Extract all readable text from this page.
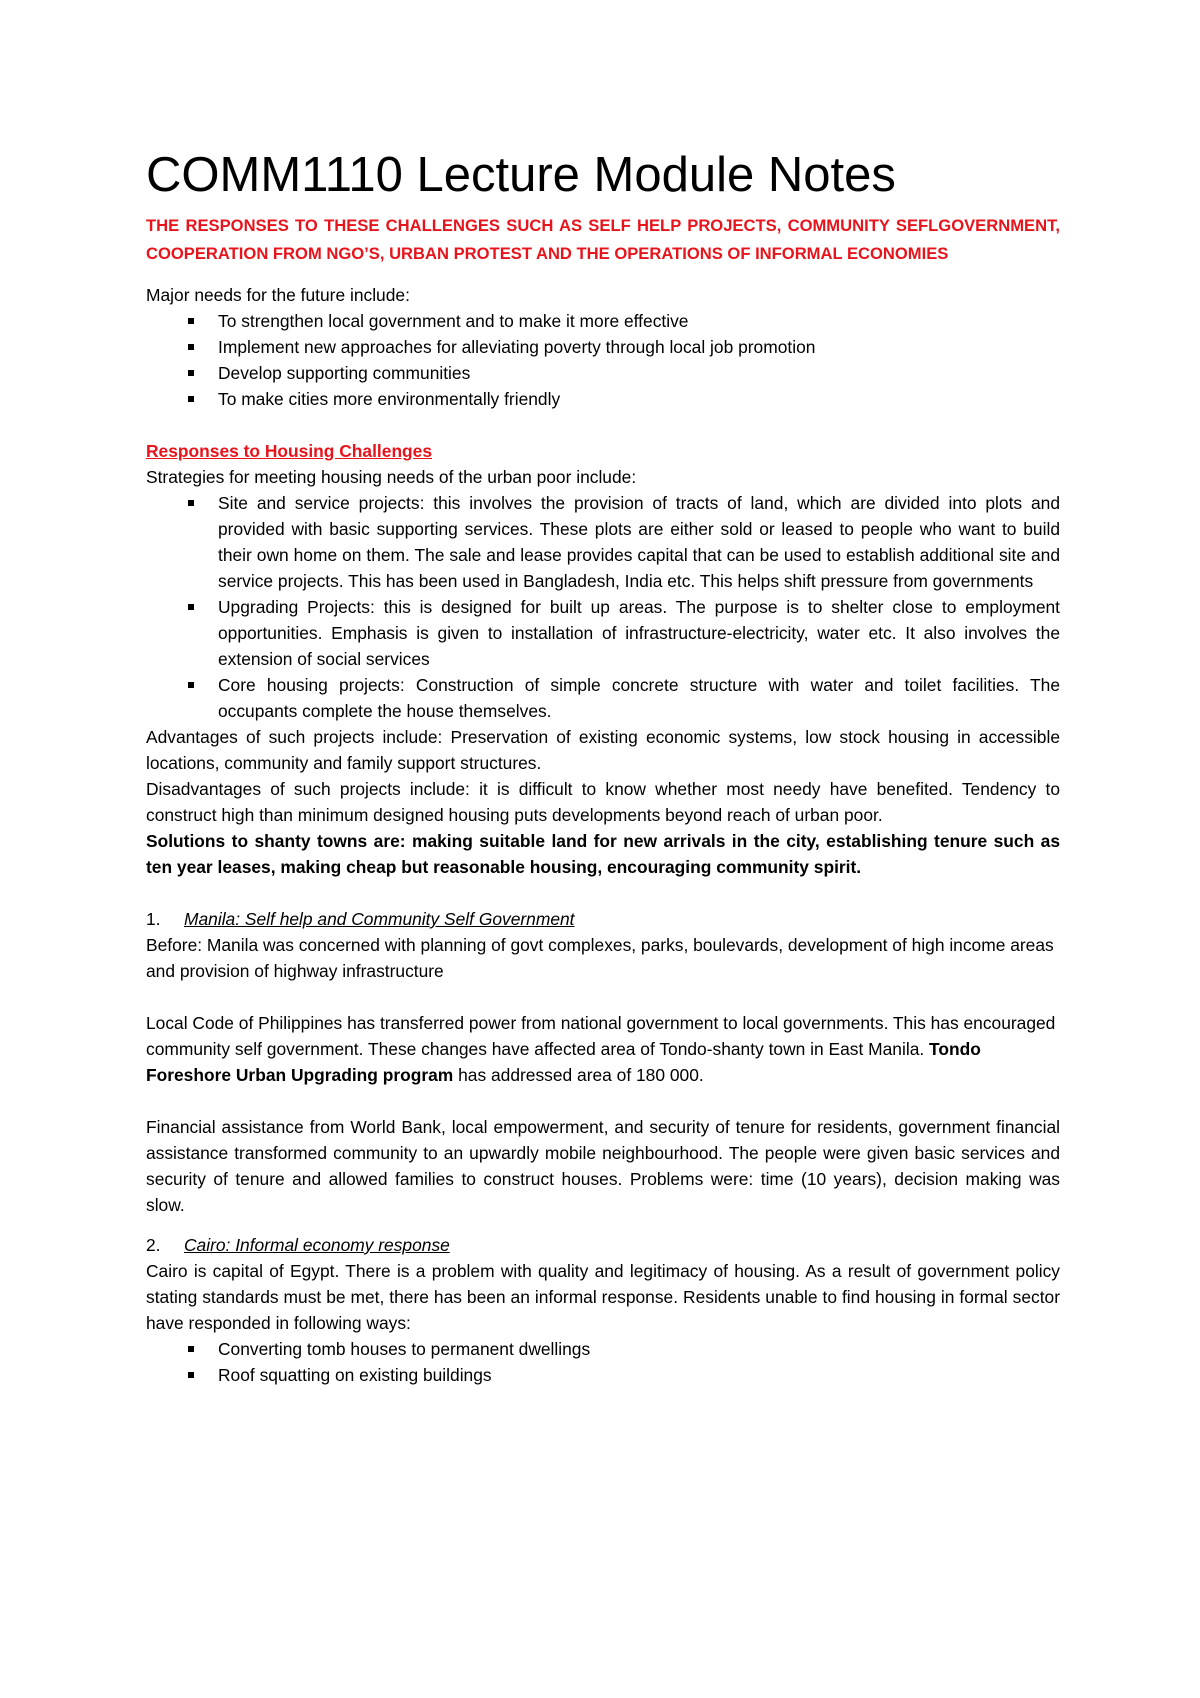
COMM1110 Lecture Module Notes

THE RESPONSES TO THESE CHALLENGES SUCH AS SELF HELP PROJECTS, COMMUNITY SEFLGOVERNMENT, COOPERATION FROM NGO’S, URBAN PROTEST AND THE OPERATIONS OF INFORMAL ECONOMIES

Major needs for the future include:

To strengthen local government and to make it more effective
Implement new approaches for alleviating poverty through local job promotion
Develop supporting communities
To make cities more environmentally friendly

Responses to Housing Challenges

Strategies for meeting housing needs of the urban poor include:

Site and service projects: this involves the provision of tracts of land, which are divided into plots and provided with basic supporting services. These plots are either sold or leased to people who want to build their own home on them. The sale and lease provides capital that can be used to establish additional site and service projects. This has been used in Bangladesh, India etc. This helps shift pressure from governments
Upgrading Projects: this is designed for built up areas. The purpose is to shelter close to employment opportunities. Emphasis is given to installation of infrastructure-electricity, water etc. It also involves the extension of social services
Core housing projects: Construction of simple concrete structure with water and toilet facilities. The occupants complete the house themselves.

Advantages of such projects include: Preservation of existing economic systems, low stock housing in accessible locations, community and family support structures.

Disadvantages of such projects include: it is difficult to know whether most needy have benefited. Tendency to construct high than minimum designed housing puts developments beyond reach of urban poor.

Solutions to shanty towns are: making suitable land for new arrivals in the city, establishing tenure such as ten year leases, making cheap but reasonable housing, encouraging community spirit.

1.	Manila: Self help and Community Self Government

Before: Manila was concerned with planning of govt complexes, parks, boulevards, development of high income areas and provision of highway infrastructure

Local Code of Philippines has transferred power from national government to local governments. This has encouraged community self government. These changes have affected area of Tondo-shanty town in East Manila. Tondo Foreshore Urban Upgrading program has addressed area of 180 000.

Financial assistance from World Bank, local empowerment, and security of tenure for residents, government financial assistance transformed community to an upwardly mobile neighbourhood. The people were given basic services and security of tenure and allowed families to construct houses. Problems were: time (10 years), decision making was slow.

2.	Cairo: Informal economy response

Cairo is capital of Egypt. There is a problem with quality and legitimacy of housing. As a result of government policy stating standards must be met, there has been an informal response. Residents unable to find housing in formal sector have responded in following ways:

Converting tomb houses to permanent dwellings
Roof squatting on existing buildings
